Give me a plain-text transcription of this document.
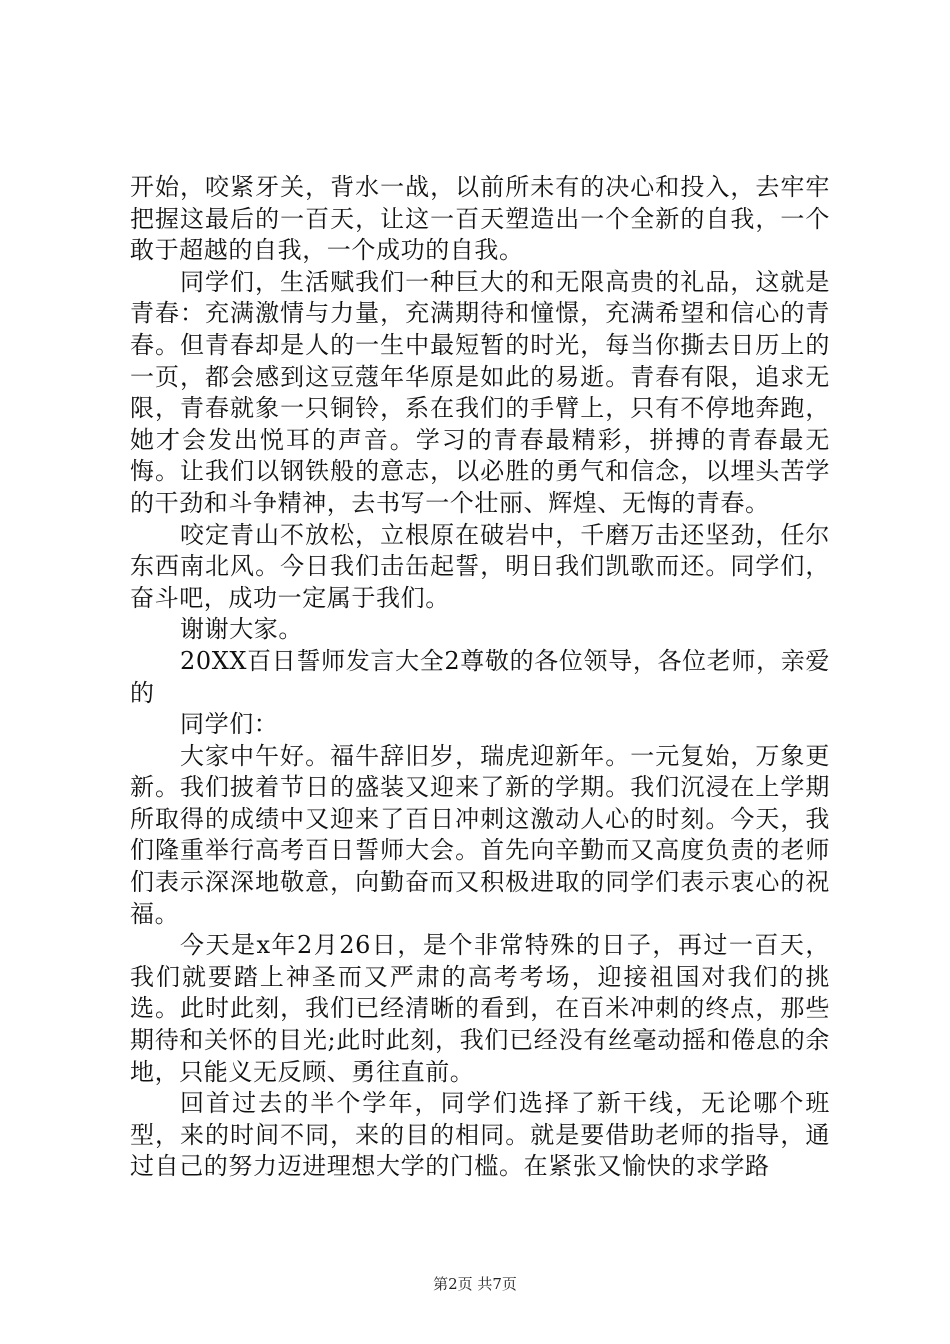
开始，咬紧牙关，背水一战，以前所未有的决心和投入，去牢牢把握这最后的一百天，让这一百天塑造出一个全新的自我，一个敢于超越的自我，一个成功的自我。

同学们，生活赋我们一种巨大的和无限高贵的礼品，这就是青春：充满激情与力量，充满期待和憧憬，充满希望和信心的青春。但青春却是人的一生中最短暂的时光，每当你撕去日历上的一页，都会感到这豆蔻年华原是如此的易逝。青春有限，追求无限，青春就象一只铜铃，系在我们的手臂上，只有不停地奔跑，她才会发出悦耳的声音。学习的青春最精彩，拼搏的青春最无悔。让我们以钢铁般的意志，以必胜的勇气和信念，以埋头苦学的干劲和斗争精神，去书写一个壮丽、辉煌、无悔的青春。

咬定青山不放松，立根原在破岩中，千磨万击还坚劲，任尔东西南北风。今日我们击缶起誓，明日我们凯歌而还。同学们，奋斗吧，成功一定属于我们。

谢谢大家。

20XX百日誓师发言大全2尊敬的各位领导，各位老师，亲爱的

同学们：

大家中午好。福牛辞旧岁，瑞虎迎新年。一元复始，万象更新。我们披着节日的盛装又迎来了新的学期。我们沉浸在上学期所取得的成绩中又迎来了百日冲刺这激动人心的时刻。今天，我们隆重举行高考百日誓师大会。首先向辛勤而又高度负责的老师们表示深深地敬意，向勤奋而又积极进取的同学们表示衷心的祝福。

今天是x年2月26日，是个非常特殊的日子，再过一百天，我们就要踏上神圣而又严肃的高考考场，迎接祖国对我们的挑选。此时此刻，我们已经清晰的看到，在百米冲刺的终点，那些期待和关怀的目光;此时此刻，我们已经没有丝毫动摇和倦息的余地，只能义无反顾、勇往直前。

回首过去的半个学年，同学们选择了新干线，无论哪个班型，来的时间不同，来的目的相同。就是要借助老师的指导，通过自己的努力迈进理想大学的门槛。在紧张又愉快的求学路

第2页 共7页
